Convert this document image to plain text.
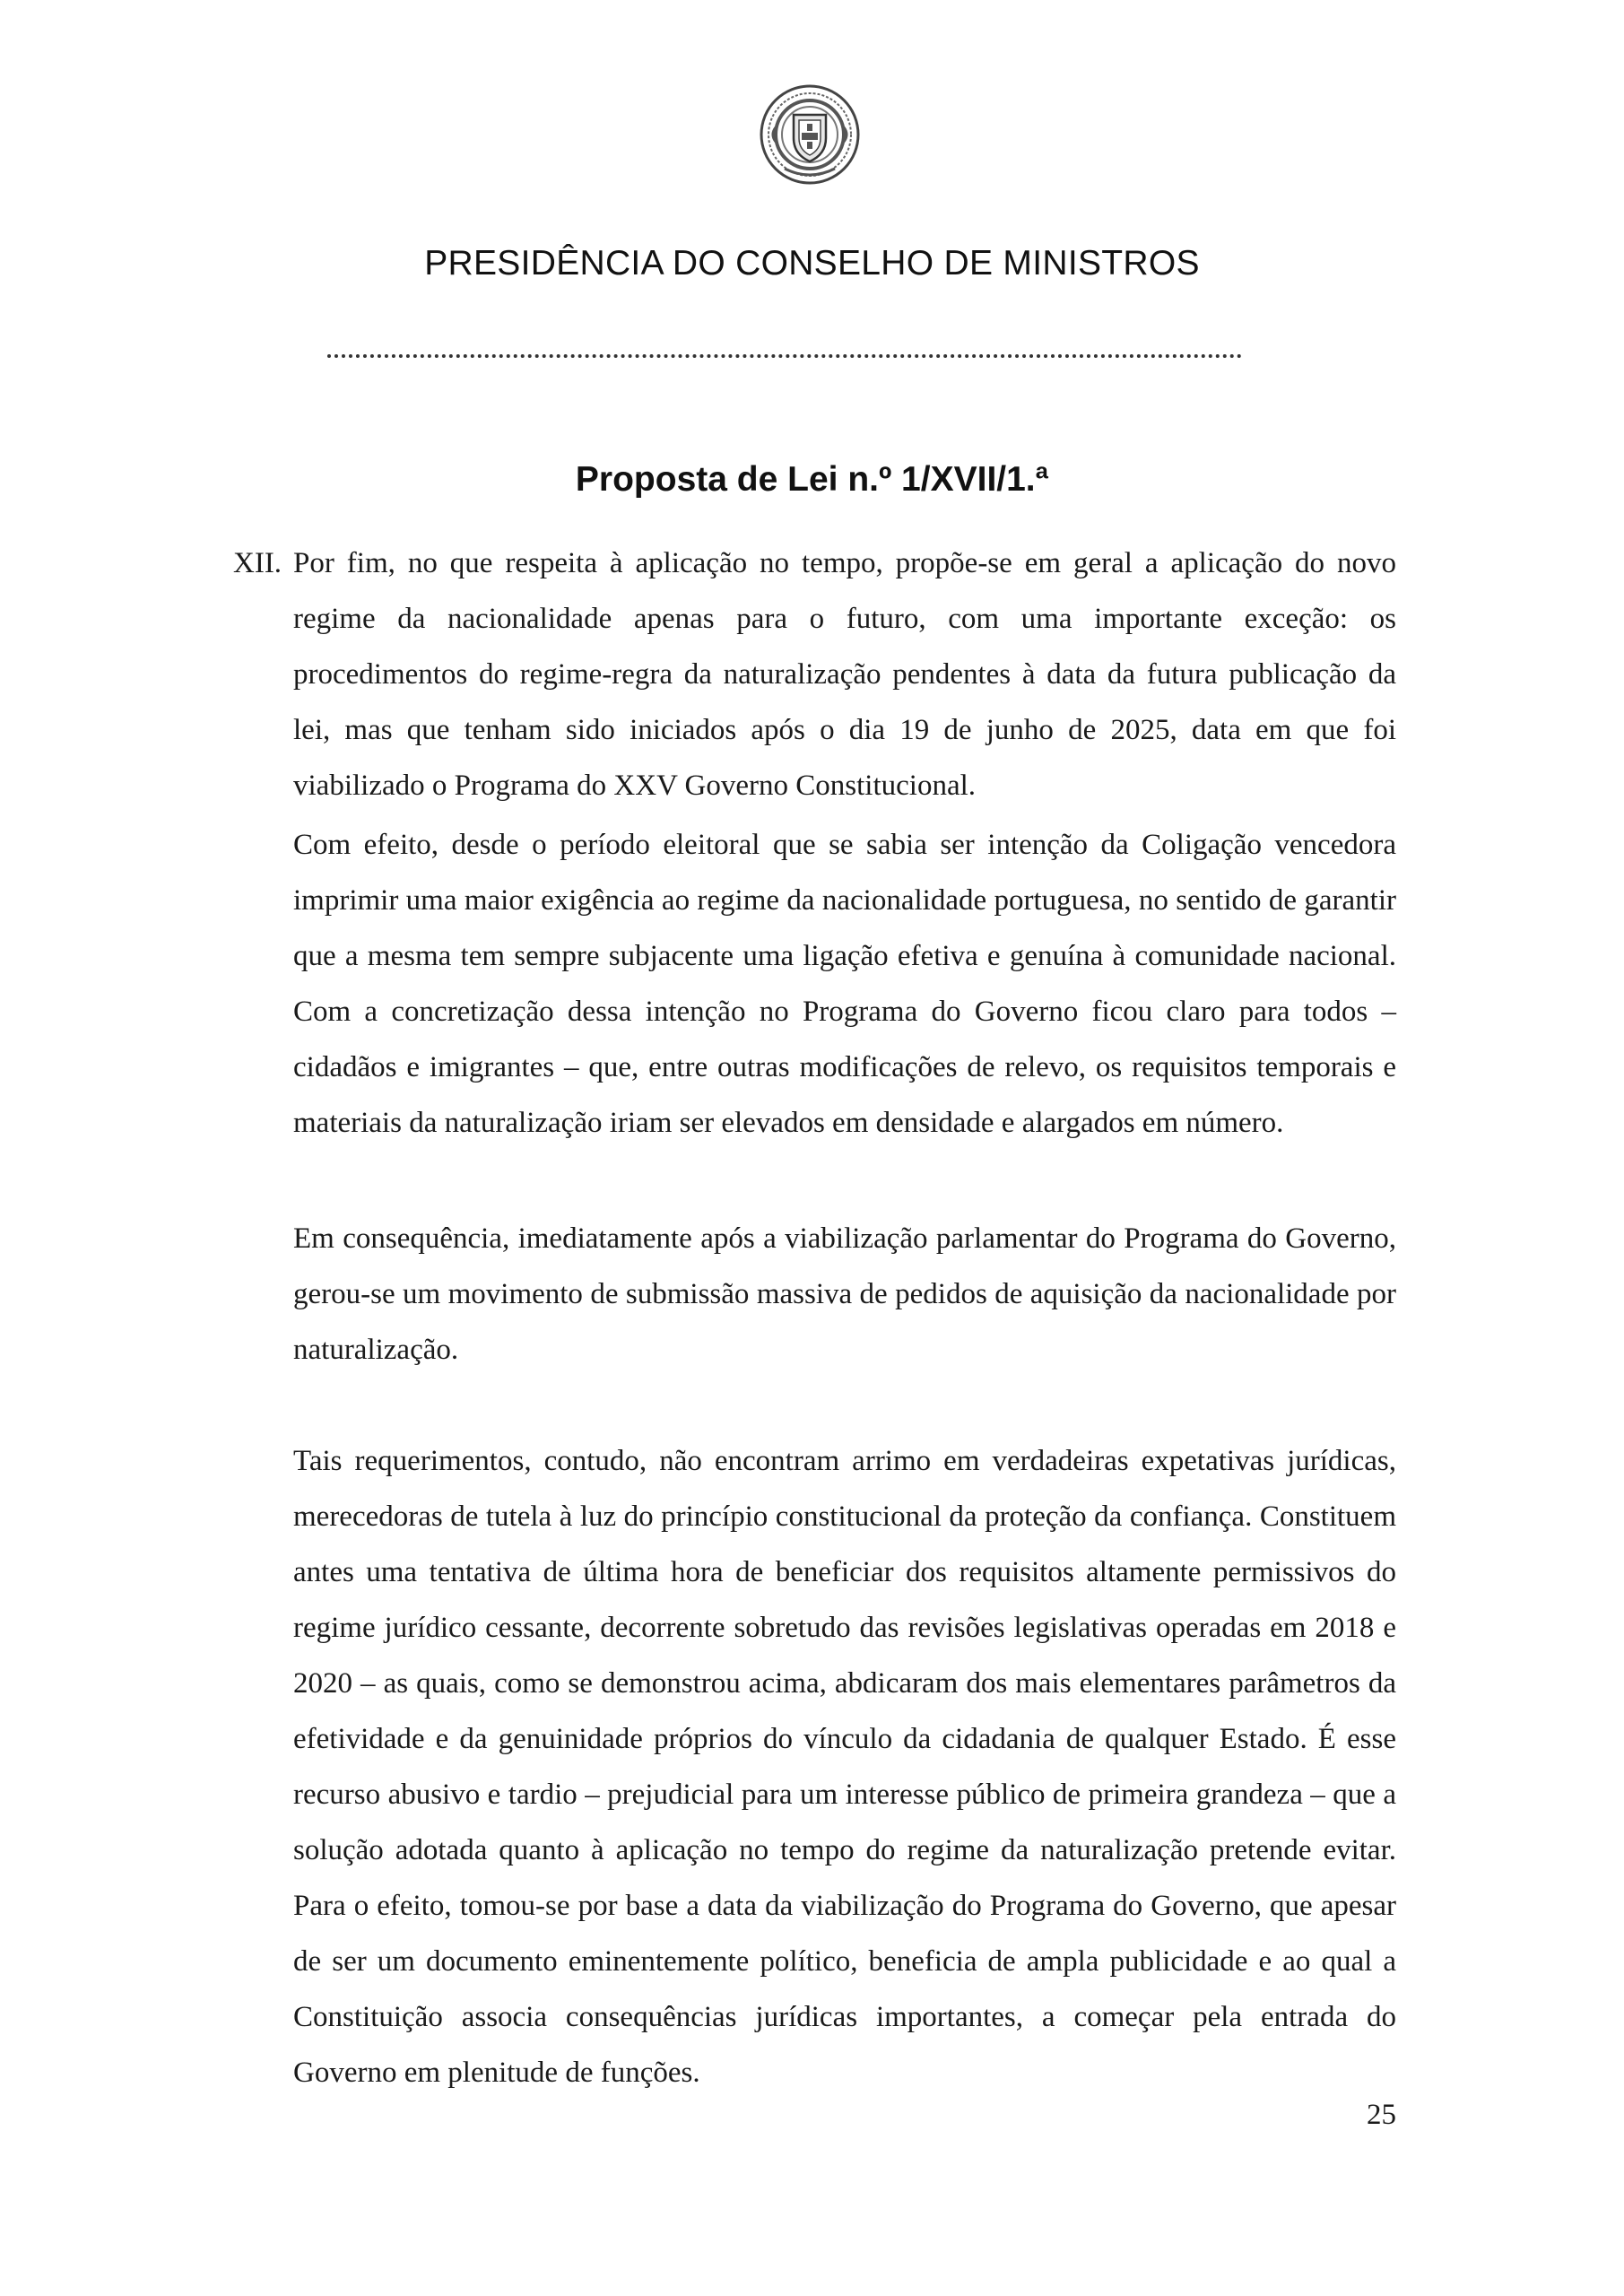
PRESIDÊNCIA DO CONSELHO DE MINISTROS
Proposta de Lei n.º 1/XVII/1.ª
XII. Por fim, no que respeita à aplicação no tempo, propõe-se em geral a aplicação do novo regime da nacionalidade apenas para o futuro, com uma importante exceção: os procedimentos do regime-regra da naturalização pendentes à data da futura publicação da lei, mas que tenham sido iniciados após o dia 19 de junho de 2025, data em que foi viabilizado o Programa do XXV Governo Constitucional.

Com efeito, desde o período eleitoral que se sabia ser intenção da Coligação vencedora imprimir uma maior exigência ao regime da nacionalidade portuguesa, no sentido de garantir que a mesma tem sempre subjacente uma ligação efetiva e genuína à comunidade nacional. Com a concretização dessa intenção no Programa do Governo ficou claro para todos – cidadãos e imigrantes – que, entre outras modificações de relevo, os requisitos temporais e materiais da naturalização iriam ser elevados em densidade e alargados em número.

Em consequência, imediatamente após a viabilização parlamentar do Programa do Governo, gerou-se um movimento de submissão massiva de pedidos de aquisição da nacionalidade por naturalização.

Tais requerimentos, contudo, não encontram arrimo em verdadeiras expetativas jurídicas, merecedoras de tutela à luz do princípio constitucional da proteção da confiança. Constituem antes uma tentativa de última hora de beneficiar dos requisitos altamente permissivos do regime jurídico cessante, decorrente sobretudo das revisões legislativas operadas em 2018 e 2020 – as quais, como se demonstrou acima, abdicaram dos mais elementares parâmetros da efetividade e da genuinidade próprios do vínculo da cidadania de qualquer Estado. É esse recurso abusivo e tardio – prejudicial para um interesse público de primeira grandeza – que a solução adotada quanto à aplicação no tempo do regime da naturalização pretende evitar. Para o efeito, tomou-se por base a data da viabilização do Programa do Governo, que apesar de ser um documento eminentemente político, beneficia de ampla publicidade e ao qual a Constituição associa consequências jurídicas importantes, a começar pela entrada do Governo em plenitude de funções.

25
